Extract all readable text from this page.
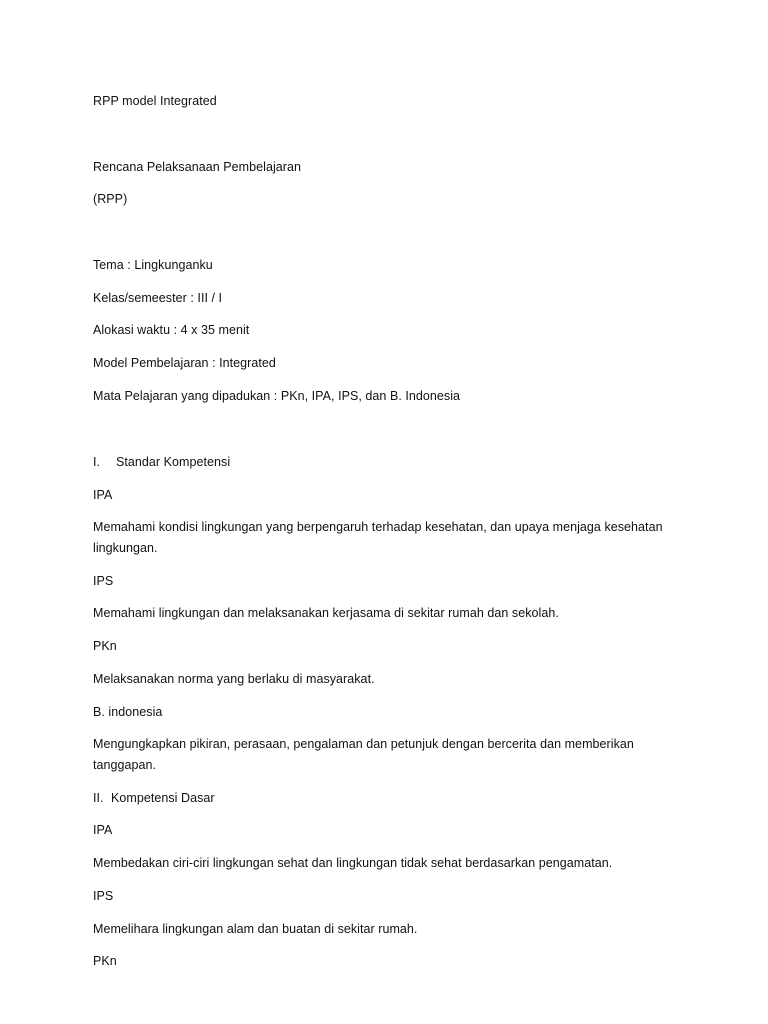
RPP model Integrated
Rencana Pelaksanaan Pembelajaran
(RPP)
Tema : Lingkunganku
Kelas/semeester : III / I
Alokasi waktu : 4 x 35 menit
Model Pembelajaran : Integrated
Mata Pelajaran yang dipadukan : PKn, IPA, IPS, dan B. Indonesia
I. Standar Kompetensi
IPA
Memahami kondisi lingkungan yang berpengaruh terhadap kesehatan, dan upaya menjaga kesehatan lingkungan.
IPS
Memahami lingkungan dan melaksanakan kerjasama di sekitar rumah dan sekolah.
PKn
Melaksanakan norma yang berlaku di masyarakat.
B. indonesia
Mengungkapkan pikiran, perasaan, pengalaman dan petunjuk dengan bercerita dan memberikan tanggapan.
II. Kompetensi Dasar
IPA
Membedakan ciri-ciri lingkungan sehat dan lingkungan tidak sehat berdasarkan pengamatan.
IPS
Memelihara lingkungan alam dan buatan di sekitar rumah.
PKn
